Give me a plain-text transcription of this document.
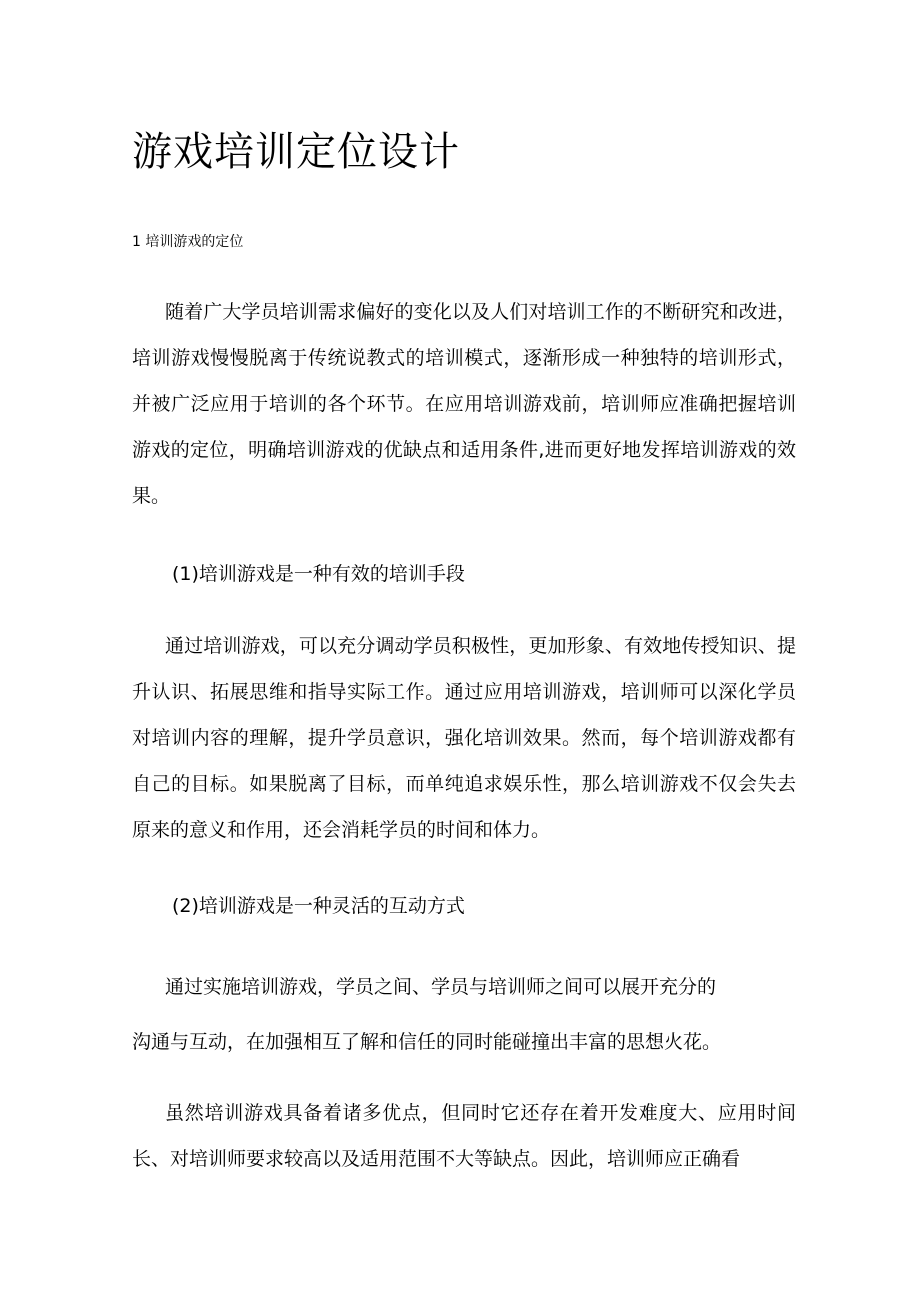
游戏培训定位设计
1 培训游戏的定位

随着广大学员培训需求偏好的变化以及人们对培训工作的不断研究和改进，培训游戏慢慢脱离于传统说教式的培训模式，逐渐形成一种独特的培训形式，并被广泛应用于培训的各个环节。在应用培训游戏前，培训师应准确把握培训游戏的定位，明确培训游戏的优缺点和适用条件,进而更好地发挥培训游戏的效果。

(1)培训游戏是一种有效的培训手段

通过培训游戏，可以充分调动学员积极性，更加形象、有效地传授知识、提升认识、拓展思维和指导实际工作。通过应用培训游戏，培训师可以深化学员对培训内容的理解，提升学员意识，强化培训效果。然而，每个培训游戏都有自己的目标。如果脱离了目标，而单纯追求娱乐性，那么培训游戏不仅会失去原来的意义和作用，还会消耗学员的时间和体力。

(2)培训游戏是一种灵活的互动方式

通过实施培训游戏，学员之间、学员与培训师之间可以展开充分的

沟通与互动，在加强相互了解和信任的同时能碰撞出丰富的思想火花。

虽然培训游戏具备着诸多优点，但同时它还存在着开发难度大、应用时间长、对培训师要求较高以及适用范围不大等缺点。因此，培训师应正确看
